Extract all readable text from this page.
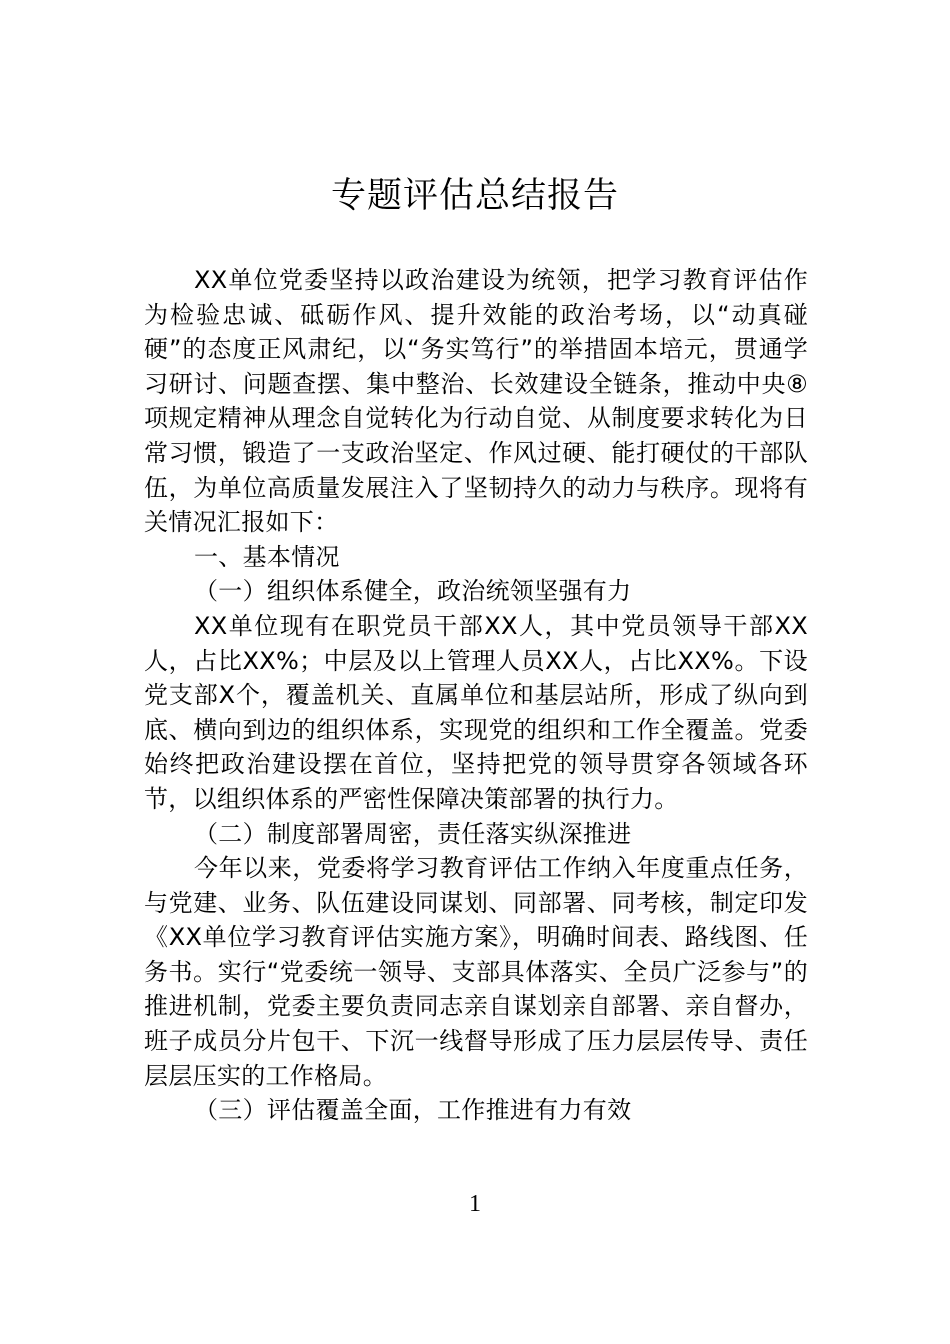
专题评估总结报告

XX单位党委坚持以政治建设为统领，把学习教育评估作为检验忠诚、砥砺作风、提升效能的政治考场，以“动真碰硬”的态度正风肃纪，以“务实笃行”的举措固本培元，贯通学习研讨、问题查摆、集中整治、长效建设全链条，推动中央⑧项规定精神从理念自觉转化为行动自觉、从制度要求转化为日常习惯，锻造了一支政治坚定、作风过硬、能打硬仗的干部队伍，为单位高质量发展注入了坚韧持久的动力与秩序。现将有关情况汇报如下：

一、基本情况

（一）组织体系健全，政治统领坚强有力

XX单位现有在职党员干部XX人，其中党员领导干部XX人，占比XX%；中层及以上管理人员XX人，占比XX%。下设党支部X个，覆盖机关、直属单位和基层站所，形成了纵向到底、横向到边的组织体系，实现党的组织和工作全覆盖。党委始终把政治建设摆在首位，坚持把党的领导贯穿各领域各环节，以组织体系的严密性保障决策部署的执行力。

（二）制度部署周密，责任落实纵深推进

今年以来，党委将学习教育评估工作纳入年度重点任务，与党建、业务、队伍建设同谋划、同部署、同考核，制定印发《XX单位学习教育评估实施方案》，明确时间表、路线图、任务书。实行“党委统一领导、支部具体落实、全员广泛参与”的推进机制，党委主要负责同志亲自谋划亲自部署、亲自督办，班子成员分片包干、下沉一线督导形成了压力层层传导、责任层层压实的工作格局。

（三）评估覆盖全面，工作推进有力有效

1
